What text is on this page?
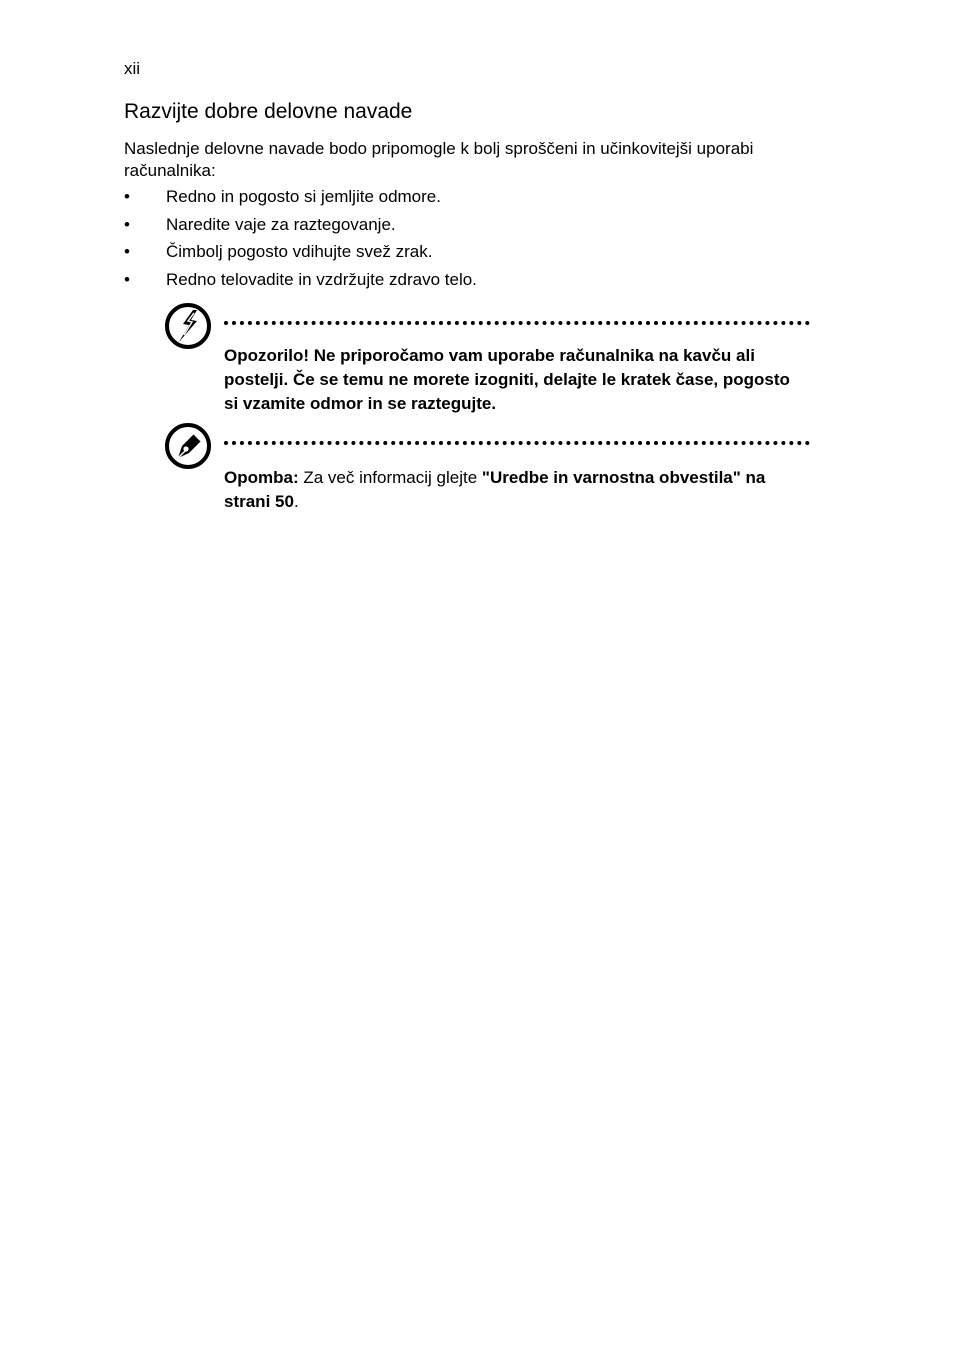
xii
Razvijte dobre delovne navade

Naslednje delovne navade bodo pripomogle k bolj sproščeni in učinkovitejši uporabi računalnika:

• Redno in pogosto si jemljite odmore.
• Naredite vaje za raztegovanje.
• Čimbolj pogosto vdihujte svež zrak.
• Redno telovadite in vzdržujte zdravo telo.
Opozorilo! Ne priporočamo vam uporabe računalnika na kavču ali postelji. Če se temu ne morete izogniti, delajte le kratek čase, pogosto si vzamite odmor in se raztegujte.
Opomba: Za več informacij glejte "Uredbe in varnostna obvestila" na strani 50.
